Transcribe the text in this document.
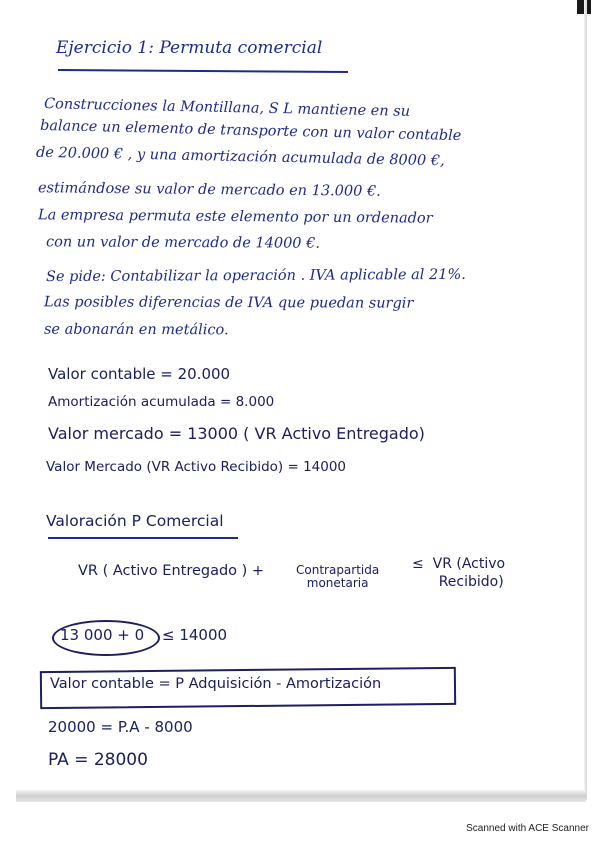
Ejercicio 1: Permuta comercial
Construcciones la Montillana, S L mantiene en su
balance un elemento de transporte con un valor contable
de 20.000 € , y una amortización acumulada de 8000 €,
estimándose su valor de mercado en 13.000 €.
La empresa permuta este elemento por un ordenador
con un valor de mercado de 14000 €.
Se pide: Contabilizar la operación . IVA aplicable al 21%.
Las posibles diferencias de IVA que puedan surgir
se abonarán en metálico.
Valor contable = 20.000
Amortización acumulada = 8.000
Valor mercado = 13000 ( VR Activo Entregado)
Valor Mercado (VR Activo Recibido) = 14000
Valoración P Comercial
VR ( Activo Entregado ) +	Contrapartida
monetaria
≤  VR (Activo
Recibido)
13 000 + 0 ≤ 14000
Valor contable = P Adquisición - Amortización
20000 = P.A - 8000
PA = 28000
Scanned with ACE Scanner
